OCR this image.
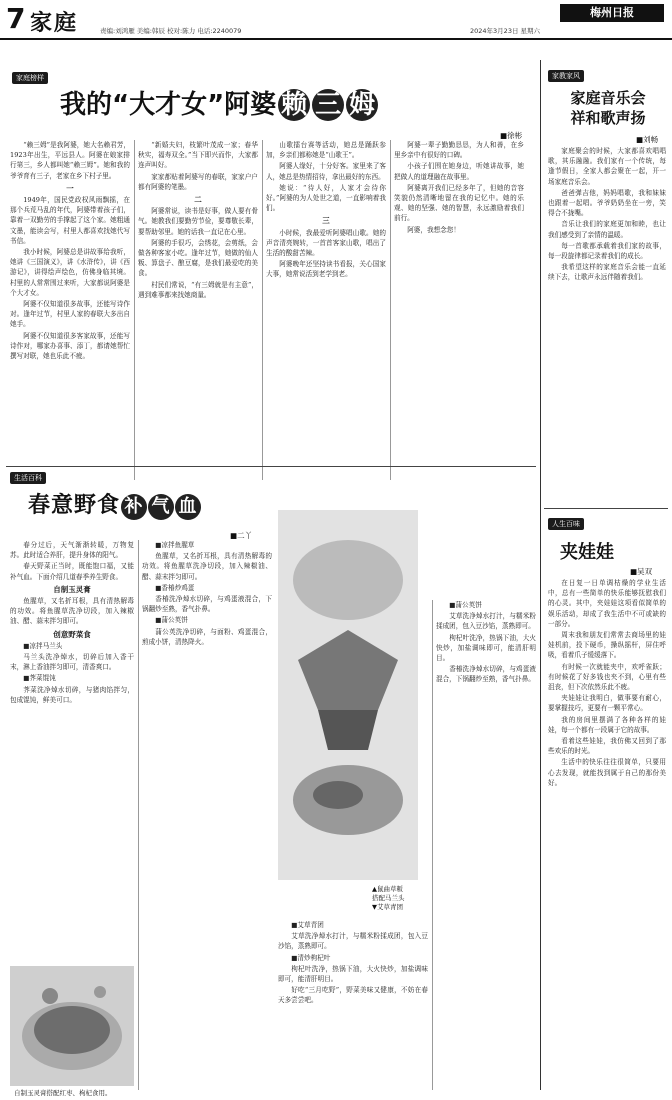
7 家庭	责编:刘鸿雁 美编:韩辰 校对:陈力 电话:2240079	2024年3月23日 星期六
梅州日报
家庭榜样
我的“大才女”阿婆 赖 三 姆
■徐彬

“赖三姆”是我阿婆，她大名赖君芳，1923年出生，平远县人。阿婆在娘家排行第三，乡人都叫她“赖三姆”。她和我的爷爷育有三子，老家在乡下村子里。

一

1949年，国民党政权风雨飘摇，在那个兵荒马乱的年代，阿婆带着孩子们，靠着一双勤劳的手撑起了这个家。她粗通文墨，能读会写，村里人都喜欢找她代写书信。

我小时候，阿婆总是讲故事给我听，她讲《三国演义》，讲《水浒传》，讲《西游记》，讲得绘声绘色，仿佛身临其境。村里的人常常围过来听，大家都说阿婆是个大才女。

阿婆不仅知道很多故事，还能写诗作对。逢年过节，村里人家的春联大多出自她手。

阿婆不仅知道很多客家故事，还能写诗作对，哪家办喜事、添丁，都请她帮忙撰写对联，她也乐此不疲。

“新婚夫妇，枝繁叶茂成一家；春华秋实，福寿双全。”当下即兴而作，大家都连声叫好。

家家都贴着阿婆写的春联，家家户户都有阿婆的笔墨。

二

阿婆常说，读书是好事，做人要有骨气。她教我们要勤劳节俭，要尊敬长辈，要帮助邻里。她的话我一直记在心里。

阿婆的手很巧，会绣花，会剪纸，会做各种客家小吃。逢年过节，她做的仙人粄、算盘子、酿豆腐，是我们最爱吃的美食。

村民们常说，“有三姆就是有主意”，遇到难事都来找她商量。

山歌擂台赛等活动，她总是踊跃参加，乡亲们都称她是“山歌王”。

阿婆人缘好，十分好客。家里来了客人，她总是热情招待，拿出最好的东西。

她说：“待人好，人家才会待你好。”阿婆的为人处世之道，一直影响着我们。

三

小时候，我最爱听阿婆唱山歌。她的声音清亮婉转，一首首客家山歌，唱出了生活的酸甜苦辣。

阿婆晚年还坚持读书看报，关心国家大事，她常说活到老学到老。

阿婆一辈子勤勤恳恳，为人和善，在乡里乡亲中有很好的口碑。

小孩子们围在她身边，听她讲故事，她把做人的道理融在故事里。

阿婆离开我们已经多年了，但她的音容笑貌仍然清晰地留在我的记忆中。她的乐观、她的坚强、她的智慧，永远激励着我们前行。

阿婆，我想念您！

家教家风
家庭音乐会
祥和歌声扬
■刘畅

家庭聚会的时候，大家都喜欢唱唱歌，其乐融融。我们家有一个传统，每逢节假日，全家人都会聚在一起，开一场家庭音乐会。

爸爸弹吉他，妈妈唱歌，我和妹妹也跟着一起唱。爷爷奶奶坐在一旁，笑得合不拢嘴。

音乐让我们的家庭更加和睦，也让我们感受到了亲情的温暖。

每一首歌都承载着我们家的故事，每一段旋律都记录着我们的成长。

我希望这样的家庭音乐会能一直延续下去，让歌声永远伴随着我们。

生活百科
春意野食 补 气 血
■二丫

春分过后，天气渐渐转暖，万物复苏。此时适合养肝，提升身体的阳气。

春天野菜正当时，既能饱口福，又能补气血。下面介绍几道春季养生野食。

自制玉灵膏

鱼腥草，又名折耳根，具有清热解毒的功效。将鱼腥草洗净切段，加入辣椒油、醋、蒜末拌匀即可。

创意野菜食

■凉拌马兰头

马兰头洗净焯水，切碎后加入香干末，淋上香油拌匀即可，清香爽口。

■荠菜馄饨

荠菜洗净焯水切碎，与猪肉馅拌匀，包成馄饨，鲜美可口。

自制玉灵膏搭配红枣、枸杞食用。

■凉拌鱼腥草

鱼腥草，又名折耳根，具有清热解毒的功效。将鱼腥草洗净切段，加入辣椒油、醋、蒜末拌匀即可。

■香椿炒鸡蛋

香椿洗净焯水切碎，与鸡蛋液混合，下锅翻炒至熟，香气扑鼻。

■蒲公英饼

蒲公英洗净切碎，与面粉、鸡蛋混合，煎成小饼，清热降火。

▲鼠曲草粄
搭配马兰头
▼艾草青团

■艾草青团

艾草洗净焯水打汁，与糯米粉揉成团，包入豆沙馅，蒸熟即可。

■清炒枸杞叶

枸杞叶洗净，热锅下油，大火快炒，加盐调味即可，能清肝明目。

好吃“三月吃野”，野菜美味又健康，不妨在春天多尝尝吧。

■蒲公英饼

艾草洗净焯水打汁，与糯米粉揉成团，包入豆沙馅，蒸熟即可。

枸杞叶洗净，热锅下油，大火快炒，加盐调味即可，能清肝明目。

香椿洗净焯水切碎，与鸡蛋液混合，下锅翻炒至熟，香气扑鼻。

人生百味
夹娃娃
■吴双

在日复一日单调枯燥的学业生活中，总有一些简单的快乐能够抚慰我们的心灵。其中，夹娃娃这项看似简单的娱乐活动，却成了我生活中不可或缺的一部分。

周末我和朋友们常常去商场里的娃娃机前，投下硬币，操纵摇杆，屏住呼吸，看着爪子缓缓落下。

有时候一次就能夹中，欢呼雀跃；有时候花了好多钱也夹不到，心里有些沮丧，但下次依然乐此不疲。

夹娃娃让我明白，做事要有耐心，要掌握技巧，更要有一颗平常心。

我的房间里摆满了各种各样的娃娃，每一个都有一段属于它的故事。

看着这些娃娃，我仿佛又回到了那些欢乐的时光。

生活中的快乐往往很简单，只要用心去发现，就能找到属于自己的那份美好。
